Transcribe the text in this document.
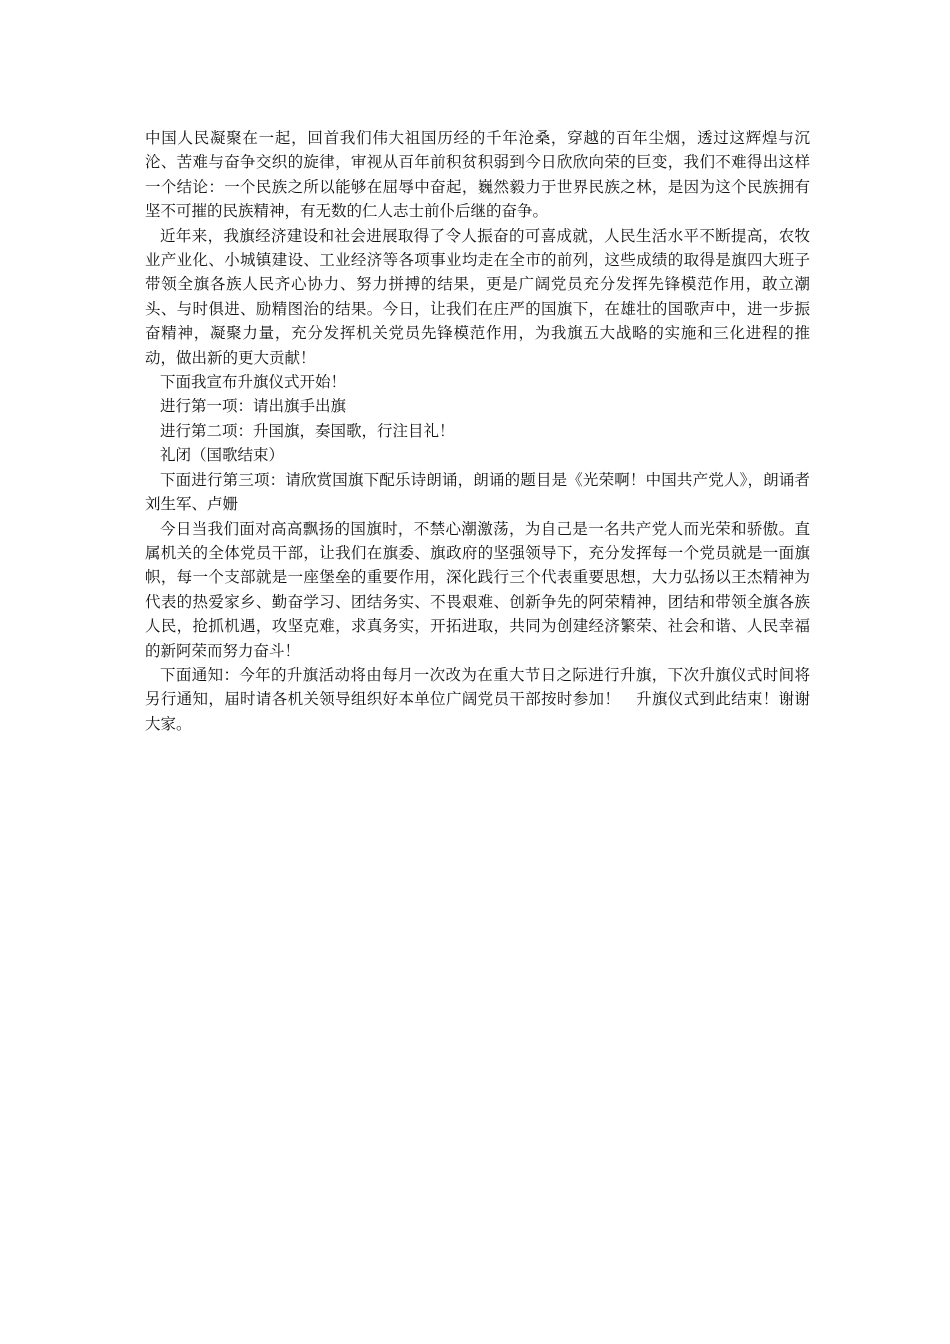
中国人民凝聚在一起，回首我们伟大祖国历经的千年沧桑，穿越的百年尘烟，透过这辉煌与沉沦、苦难与奋争交织的旋律，审视从百年前积贫积弱到今日欣欣向荣的巨变，我们不难得出这样一个结论：一个民族之所以能够在屈辱中奋起，巍然毅力于世界民族之林，是因为这个民族拥有坚不可摧的民族精神，有无数的仁人志士前仆后继的奋争。

近年来，我旗经济建设和社会进展取得了令人振奋的可喜成就，人民生活水平不断提高，农牧业产业化、小城镇建设、工业经济等各项事业均走在全市的前列，这些成绩的取得是旗四大班子带领全旗各族人民齐心协力、努力拼搏的结果，更是广阔党员充分发挥先锋模范作用，敢立潮头、与时俱进、励精图治的结果。今日，让我们在庄严的国旗下，在雄壮的国歌声中，进一步振奋精神，凝聚力量，充分发挥机关党员先锋模范作用，为我旗五大战略的实施和三化进程的推动，做出新的更大贡献！

下面我宣布升旗仪式开始！

进行第一项：请出旗手出旗

进行第二项：升国旗，奏国歌，行注目礼！

礼闭（国歌结束）

下面进行第三项：请欣赏国旗下配乐诗朗诵，朗诵的题目是《光荣啊！中国共产党人》，朗诵者刘生军、卢姗

今日当我们面对高高飘扬的国旗时，不禁心潮激荡，为自己是一名共产党人而光荣和骄傲。直属机关的全体党员干部，让我们在旗委、旗政府的坚强领导下，充分发挥每一个党员就是一面旗帜，每一个支部就是一座堡垒的重要作用，深化践行三个代表重要思想，大力弘扬以王杰精神为代表的热爱家乡、勤奋学习、团结务实、不畏艰难、创新争先的阿荣精神，团结和带领全旗各族人民，抢抓机遇，攻坚克难，求真务实，开拓进取，共同为创建经济繁荣、社会和谐、人民幸福的新阿荣而努力奋斗！

下面通知：今年的升旗活动将由每月一次改为在重大节日之际进行升旗，下次升旗仪式时间将另行通知，届时请各机关领导组织好本单位广阔党员干部按时参加！　升旗仪式到此结束！谢谢大家。
